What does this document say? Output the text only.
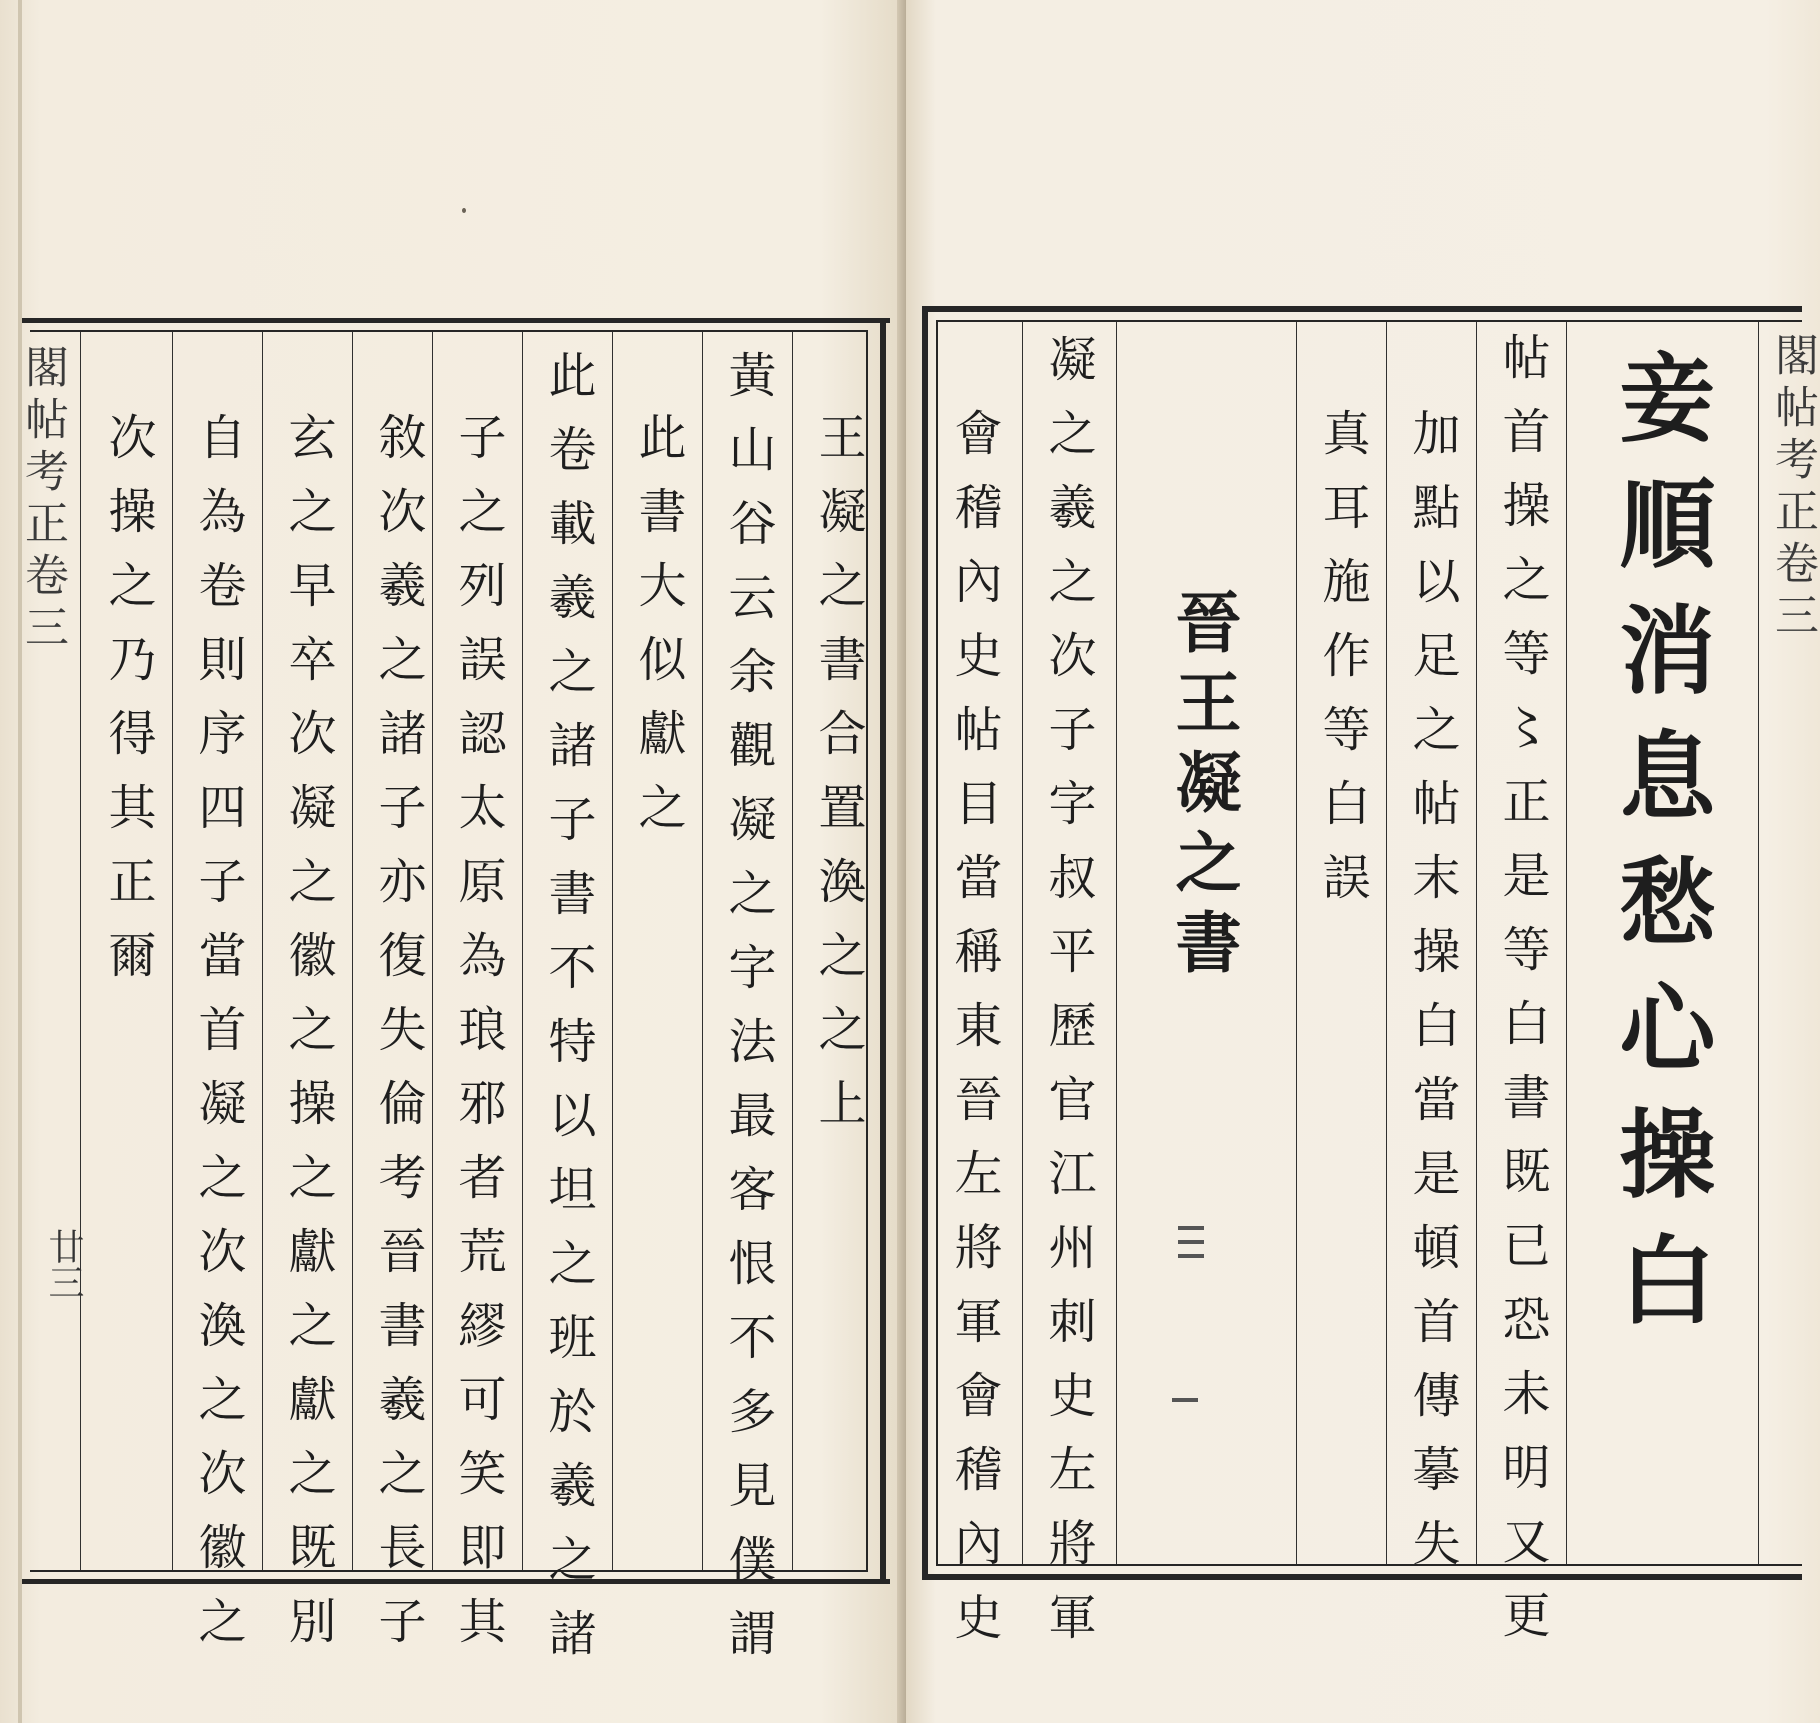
閣帖考正卷三
廿三
王凝之書合置渙之之上
黃山谷云余觀凝之字法最客恨不多見僕謂
此書大似獻之
此卷載羲之諸子書不特以坦之班於羲之諸
子之列誤認太原為琅邪者荒繆可笑即其
敘次羲之諸子亦復失倫考晉書羲之長子
玄之早卒次凝之徽之操之獻之獻之既別
自為卷則序四子當首凝之次渙之次徽之
次操之乃得其正爾	閣帖考正卷三
妾順消息愁心操白
帖首操之等〻正是等白書既已恐未明又更
加點以足之帖末操白當是頓首傳摹失
真耳施作等白誤
晉王凝之書
凝之羲之次子字叔平歷官江州刺史左將軍
會稽內史帖目當稱東晉左將軍會稽內史
